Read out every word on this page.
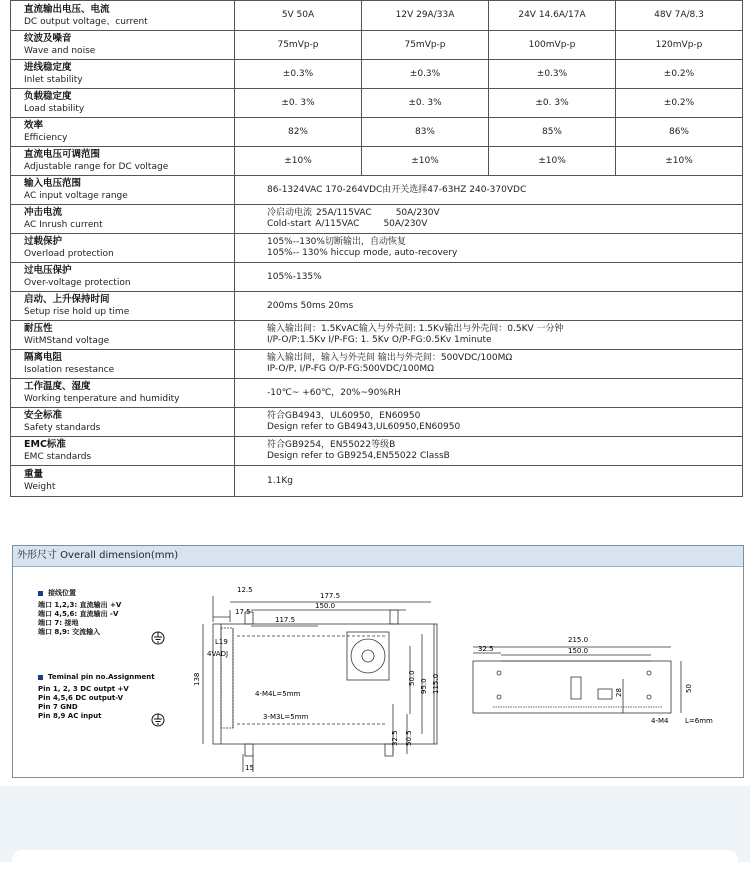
直流输出电压、电流
DC output voltage、current	5V 50A	12V 29A/33A	24V 14.6A/17A	48V 7A/8.3

纹波及噪音
Wave and noise	75mVp-p	75mVp-p	100mVp-p	120mVp-p

进线稳定度
Inlet stability	±0.3%	±0.3%	±0.3%	±0.2%

负载稳定度
Load stability	±0. 3%	±0. 3%	±0. 3%	±0.2%

效率
Efficiency	82%	83%	85%	86%

直流电压可调范围
Adjustable range for DC voltage	±10%	±10%	±10%	±10%

输入电压范围
AC input voltage range	86-1324VAC 170-264VDC由开关选择47-63HZ 240-370VDC			

冲击电流
AC Inrush current	冷启动电流 25A/115VAC 50A/230V
Cold-start A/115VAC 50A/230V			

过载保护
Overload protection	105%--130%切断输出，自动恢复
105%-- 130% hiccup mode, auto-recovery			

过电压保护
Over-voltage protection	105%-135%			

启动、上升保持时间
Setup rise hold up time	200ms 50ms 20ms			

耐压性
WitMStand voltage	输入输出间：1.5KvAC输入与外壳间: 1.5Kv输出与外壳间：0.5KV 一分钟
I/P-O/P:1.5Kv I/P-FG: 1. 5Kv O/P-FG:0.5Kv 1minute			

隔离电阻
Isolation resestance	输入输出间，输入与外壳间 输出与外壳间：500VDC/100MΩ
IP-O/P, I/P-FG O/P-FG:500VDC/100MΩ			

工作温度、湿度
Working tenperature and humidity	-10℃~ +60℃，20%~90%RH			

安全标准
Safety standards	符合GB4943，UL60950，EN60950
Design refer to GB4943,UL60950,EN60950			

EMC标准
EMC standards	符合GB9254，EN55022等级B
Design refer to GB9254,EN55022 ClassB			

重量
Weight	1.1Kg			
外形尺寸 Overall dimension(mm)
接线位置
端口 1,2,3: 直流输出 +V
端口 4,5,6: 直流输出 -V
端口 7: 接地
端口 8,9: 交流输入
Teminal pin no.Assignment
Pin 1, 2, 3 DC outpt +V
Pin 4,5,6 DC output-V
Pin 7 GND
Pin 8,9 AC input
12.5
177.5
150.0
17.5
117.5
L19
4VADJ
138	50.0
95.0 115.0
32.5 50.5
15
4-M4L=5mm
3-M3L=5mm
215.0
32.5	150.0
28	50
4-M4 L=6mm
